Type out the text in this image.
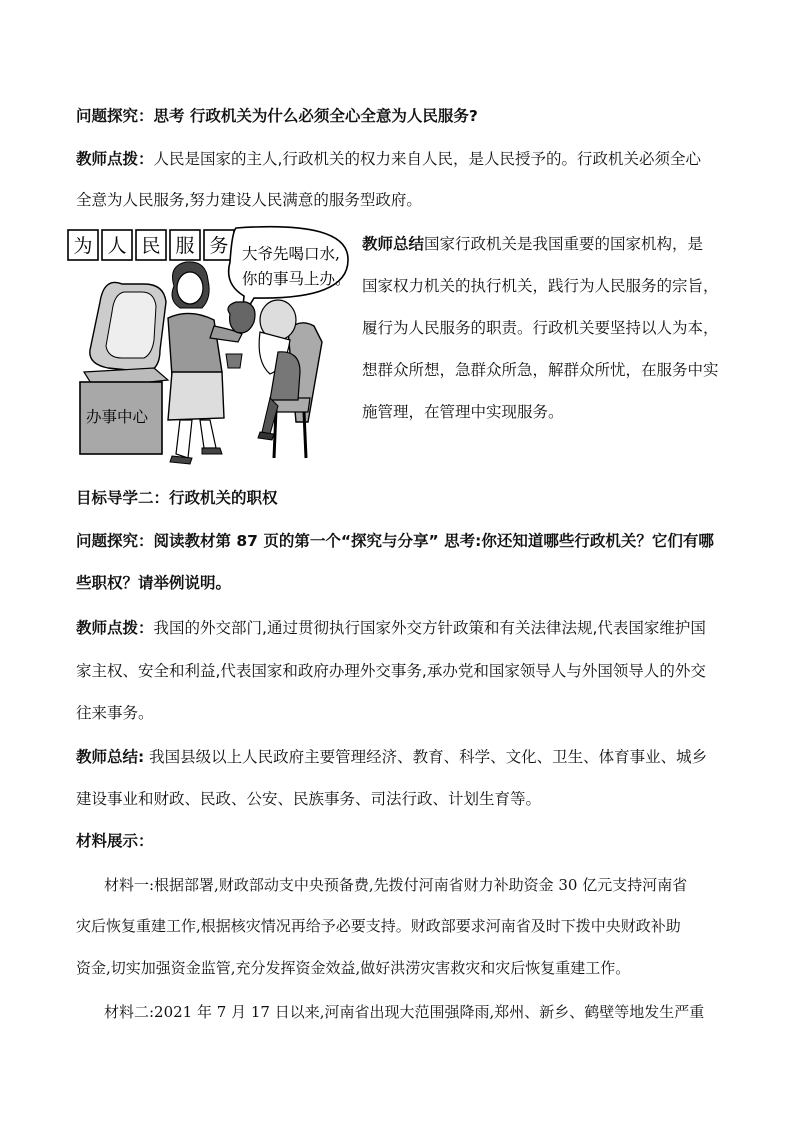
问题探究：思考 行政机关为什么必须全心全意为人民服务?
教师点拨：人民是国家的主人,行政机关的权力来自人民，是人民授予的。行政机关必须全心
全意为人民服务,努力建设人民满意的服务型政府。
为 人 民 服 务 大爷先喝口水,
你的事马上办。
办事中心
教师总结国家行政机关是我国重要的国家机构，是
国家权力机关的执行机关，践行为人民服务的宗旨，
履行为人民服务的职责。行政机关要坚持以人为本，
想群众所想，急群众所急，解群众所忧，在服务中实
施管理，在管理中实现服务。
目标导学二：行政机关的职权
问题探究：阅读教材第 87 页的第一个“探究与分享” 思考:你还知道哪些行政机关？它们有哪
些职权？请举例说明。
教师点拨：我国的外交部门,通过贯彻执行国家外交方针政策和有关法律法规,代表国家维护国
家主权、安全和利益,代表国家和政府办理外交事务,承办党和国家领导人与外国领导人的外交
往来事务。
教师总结: 我国县级以上人民政府主要管理经济、教育、科学、文化、卫生、体育事业、城乡
建设事业和财政、民政、公安、民族事务、司法行政、计划生育等。
材料展示：
材料一:根据部署,财政部动支中央预备费,先拨付河南省财力补助资金 30 亿元支持河南省
灾后恢复重建工作,根据核灾情况再给予必要支持。财政部要求河南省及时下拨中央财政补助
资金,切实加强资金监管,充分发挥资金效益,做好洪涝灾害救灾和灾后恢复重建工作。
材料二:2021 年 7 月 17 日以来,河南省出现大范围强降雨,郑州、新乡、鹤壁等地发生严重
